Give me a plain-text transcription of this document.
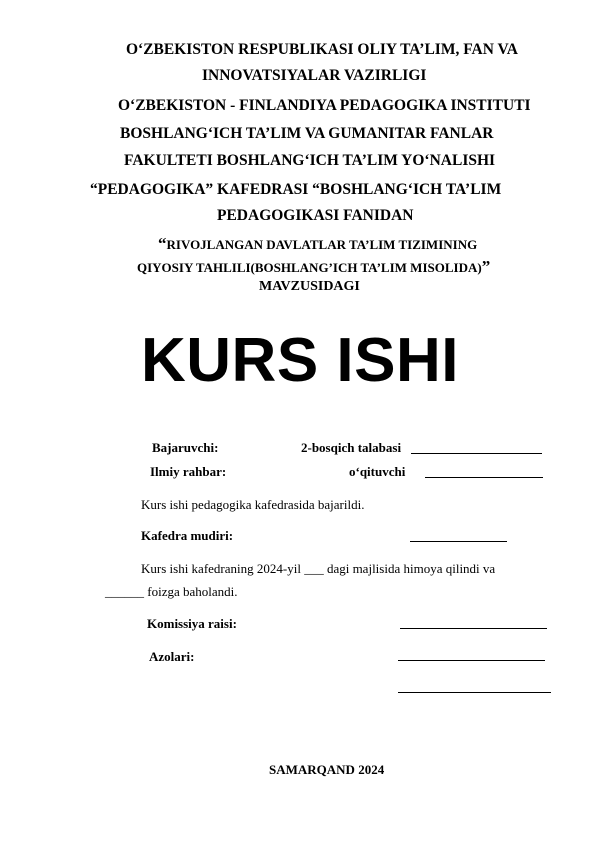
O‘ZBEKISTON RESPUBLIKASI OLIY TA’LIM, FAN VA
INNOVATSIYALAR VAZIRLIGI
O‘ZBEKISTON - FINLANDIYA PEDAGOGIKA INSTITUTI
BOSHLANG‘ICH TA’LIM VA GUMANITAR FANLAR
FAKULTETI BOSHLANG‘ICH TA’LIM YO‘NALISHI
“PEDAGOGIKA” KAFEDRASI “BOSHLANG‘ICH TA’LIM
PEDAGOGIKASI FANIDAN
“RIVOJLANGAN DAVLATLAR TA’LIM TIZIMINING
QIYOSIY TAHLILI(BOSHLANG’ICH TA’LIM MISOLIDA)”
MAVZUSIDAGI
KURS ISHI
Bajaruvchi:	2-bosqich talabasi
Ilmiy rahbar:	o‘qituvchi
Kurs ishi pedagogika kafedrasida bajarildi.
Kafedra mudiri:
Kurs ishi kafedraning 2024-yil ___ dagi majlisida himoya qilindi va
______ foizga baholandi.
Komissiya raisi:
Azolari:
SAMARQAND 2024
